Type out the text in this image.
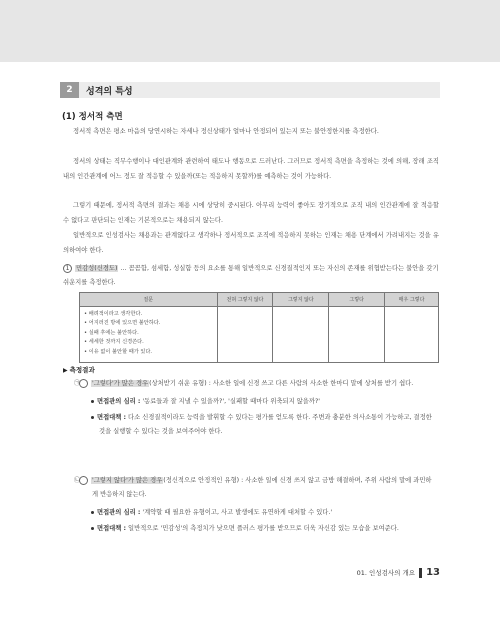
2	성격의 특성
(1) 정서적 측면

정서적 측면은 평소 마음의 당연시하는 자세나 정신상태가 얼마나 안정되어 있는지 또는 불안정한지를 측정한다.

정서의 상태는 직무수행이나 대인관계와 관련하여 태도나 행동으로 드러난다. 그러므로 정서적 측면을 측정하는 것에 의해, 장래 조직 내의 인간관계에 어느 정도 잘 적응할 수 있을까(또는 적응하지 못할까)를 예측하는 것이 가능하다.

그렇기 때문에, 정서적 측면의 결과는 채용 시에 상당히 중시된다. 아무리 능력이 좋아도 장기적으로 조직 내의 인간관계에 잘 적응할 수 없다고 판단되는 인재는 기본적으로는 채용되지 않는다.

일반적으로 인성검사는 채용과는 관계없다고 생각하나 정서적으로 조직에 적응하지 못하는 인재는 채용 단계에서 가려내지는 것을 유의하여야 한다.

1 민감성(신경도) … 꼼꼼함, 섬세함, 성실함 등의 요소를 통해 일반적으로 신경질적인지 또는 자신의 존재를 위협받는다는 불안을 갖기 쉬운지를 측정한다.
질문	전혀 그렇지 않다	그렇지 않다	그렇다	매우 그렇다

• 배려적이라고 생각한다.
• 어지러진 방에 있으면 불안하다.
• 실패 후에는 불안하다.
• 세세한 것까지 신경쓴다.
• 이유 없이 불안할 때가 있다.				

▶ 측정결과
㉠ '그렇다'가 많은 경우(상처받기 쉬운 유형) : 사소한 일에 신경 쓰고 다른 사람의 사소한 한마디 말에 상처를 받기 쉽다.
면접관의 심리 : '동료들과 잘 지낼 수 있을까?', '실패할 때마다 위축되지 않을까?'
면접대책 : 다소 신경질적이라도 능력을 발휘할 수 있다는 평가를 얻도록 한다. 주변과 충분한 의사소통이 가능하고, 결정한 것을 실행할 수 있다는 것을 보여주어야 한다.
㉡ '그렇지 않다'가 많은 경우(정신적으로 안정적인 유형) : 사소한 일에 신경 쓰지 않고 금방 해결하며, 주위 사람의 말에 과민하게 반응하지 않는다.
면접관의 심리 : '계약할 때 필요한 유형이고, 사고 발생에도 유연하게 대처할 수 있다.'
면접대책 : 일반적으로 '민감성'의 측정치가 낮으면 플러스 평가를 받으므로 더욱 자신감 있는 모습을 보여준다.
01. 인성검사의 개요 13
